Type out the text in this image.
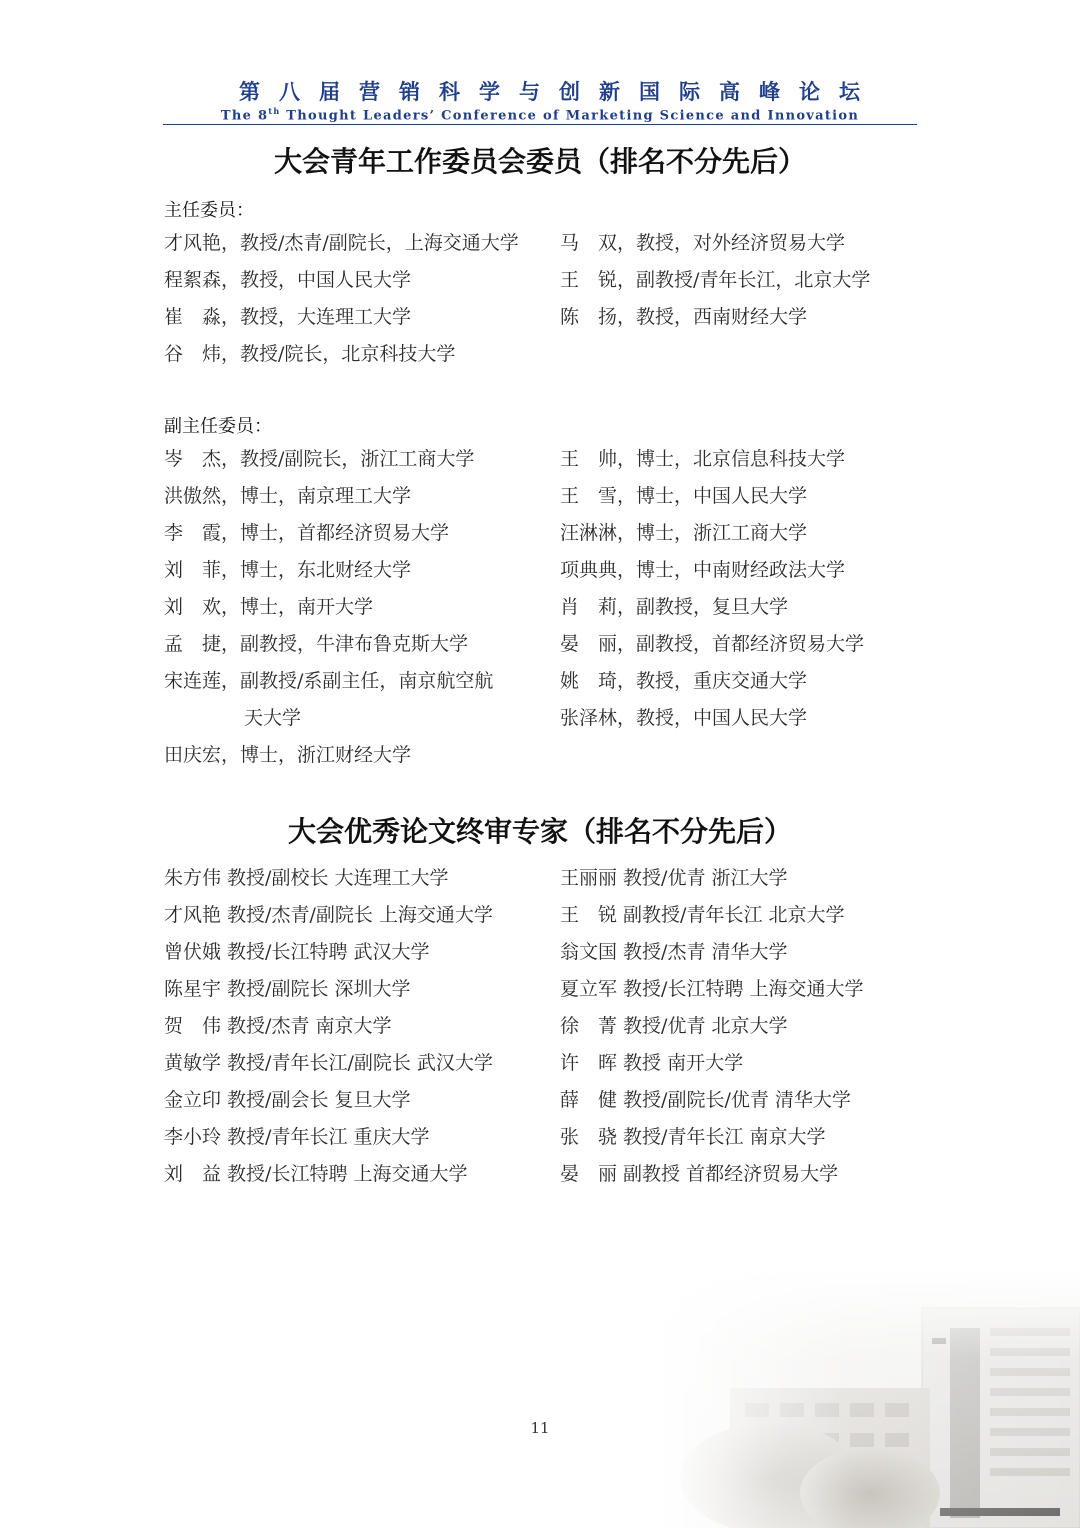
第八届营销科学与创新国际高峰论坛
The 8th Thought Leaders’ Conference of Marketing Science and Innovation
大会青年工作委员会委员（排名不分先后）
主任委员：
才风艳，教授/杰青/副院长，上海交通大学
程絮森，教授，中国人民大学
崔　淼，教授，大连理工大学
谷　炜，教授/院长，北京科技大学
马　双，教授，对外经济贸易大学
王　锐，副教授/青年长江，北京大学
陈　扬，教授，西南财经大学
副主任委员：
岑　杰，教授/副院长，浙江工商大学
洪傲然，博士，南京理工大学
李　霞，博士，首都经济贸易大学
刘　菲，博士，东北财经大学
刘　欢，博士，南开大学
孟　捷，副教授，牛津布鲁克斯大学
宋连莲，副教授/系副主任，南京航空航
天大学
田庆宏，博士，浙江财经大学
王　帅，博士，北京信息科技大学
王　雪，博士，中国人民大学
汪淋淋，博士，浙江工商大学
项典典，博士，中南财经政法大学
肖　莉，副教授，复旦大学
晏　丽，副教授，首都经济贸易大学
姚　琦，教授，重庆交通大学
张泽林，教授，中国人民大学
大会优秀论文终审专家（排名不分先后）
朱方伟 教授/副校长 大连理工大学
才风艳 教授/杰青/副院长 上海交通大学
曾伏娥 教授/长江特聘 武汉大学
陈星宇 教授/副院长 深圳大学
贺　伟 教授/杰青 南京大学
黄敏学 教授/青年长江/副院长 武汉大学
金立印 教授/副会长 复旦大学
李小玲 教授/青年长江 重庆大学
刘　益 教授/长江特聘 上海交通大学
王丽丽 教授/优青 浙江大学
王　锐 副教授/青年长江 北京大学
翁文国 教授/杰青 清华大学
夏立军 教授/长江特聘 上海交通大学
徐　菁 教授/优青 北京大学
许　晖 教授 南开大学
薛　健 教授/副院长/优青 清华大学
张　骁 教授/青年长江 南京大学
晏　丽 副教授 首都经济贸易大学
11
